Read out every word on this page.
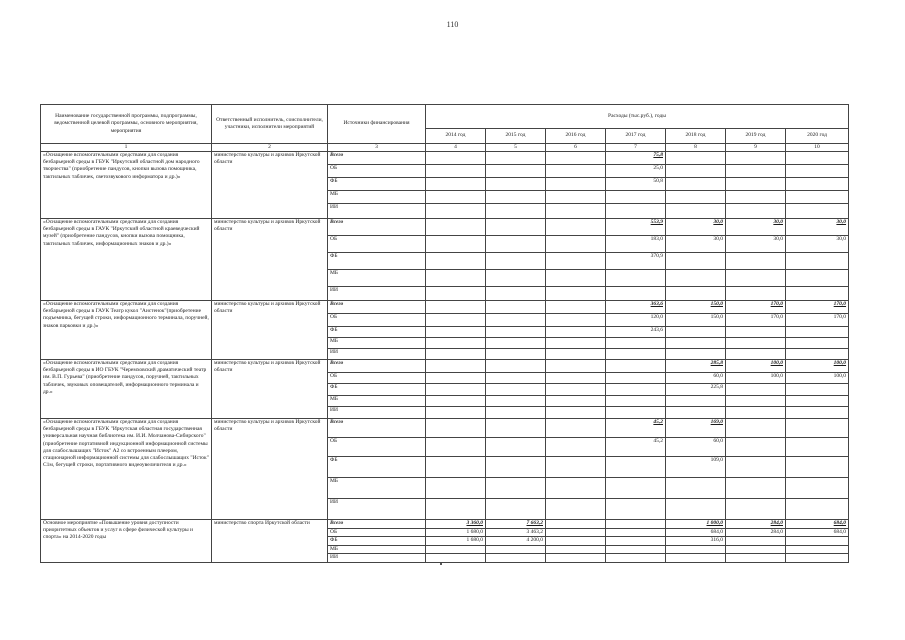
110
Наименование государственной программы, подпрограммы, ведомственной целевой программы, основного мероприятия, мероприятия	Ответственный исполнитель, соисполнители, участники, исполнители мероприятий	Источники финансирования	Расходы (тыс.руб.), годы						
			2014 год	2015 год	2016 год	2017 год	2018 год	2019 год	2020 год
1	2	3	4	5	6	7	8	9	10
«Оснащение вспомогательными средствами для создания безбарьерной среды в ГБУК "Иркутский областной дом народного творчества" (приобретение пандусов, кнопки вызова помощника, тактильных табличек, светозвукового информатора и др.)»	министерство культуры и архивов Иркутской области	Всего				75,8			
		ОБ				25,0			
		ФБ				50,8			
		МБ							
		ИИ							
«Оснащение вспомогательными средствами для создания безбарьерной среды в ГАУК "Иркутский областной краеведческий музей" (приобретение пандусов, кнопки вызова помощника, тактильных табличек, информационных знаков и др.)»	министерство культуры и архивов Иркутской области	Всего				553,9	30,0	30,0	30,0
		ОБ				183,0	30,0	30,0	30,0
		ФБ				370,9			
		МБ							
		ИИ							
«Оснащение вспомогательными средствами для создания безбарьерной среды в ГАУК Театр кукол "Аистенок"(приобретение подъемника, бегущей строки, информационного терминала, поручней, знаков парковки и др.)»	министерство культуры и архивов Иркутской области	Всего				363,6	150,0	170,0	170,0
		ОБ				120,0	150,0	170,0	170,0
		ФБ				243,6			
		МБ							
		ИИ							
«Оснащение вспомогательными средствами для создания безбарьерной среды в ИО ГБУК "Черемховский драматический театр им. В.П. Гурьева" (приобретение пандусов, поручней, тактильных табличек, звуковых оповещателей, информационного терминала и др.»	министерство культуры и архивов Иркутской области	Всего					285,8	100,0	100,0
		ОБ					60,0	100,0	100,0
		ФБ					225,8		
		МБ							
		ИИ							
«Оснащение вспомогательными средствами для создания безбарьерной среды в ГБУК "Иркутская областная государственная универсальная научная библиотека им. И.И. Молчанова-Сибирского" (приобретение портативной индукционной информационной системы для слабослышащих "Исток" А2 со встроенным плеером, стационарной информационной системы для слабослышащих "Исток" С1м, бегущей строки, портативного видеоувеличителя и др.»	министерство культуры и архивов Иркутской области	Всего				45,2	169,0		
		ОБ				45,2	60,0		
		ФБ					109,0		
		МБ							
		ИИ							
Основное мероприятие «Повышение уровня доступности приоритетных объектов и услуг в сфере физической культуры и спорта» на 2014-2020 годы	министерство спорта Иркутской области	Всего	3 360,0	7 663,2			1 000,0	284,0	684,0
		ОБ	1 680,0	3 463,2			684,0	284,0	684,0
		ФБ	1 680,0	4 200,0			316,0		
		МБ							
		ИИ							
